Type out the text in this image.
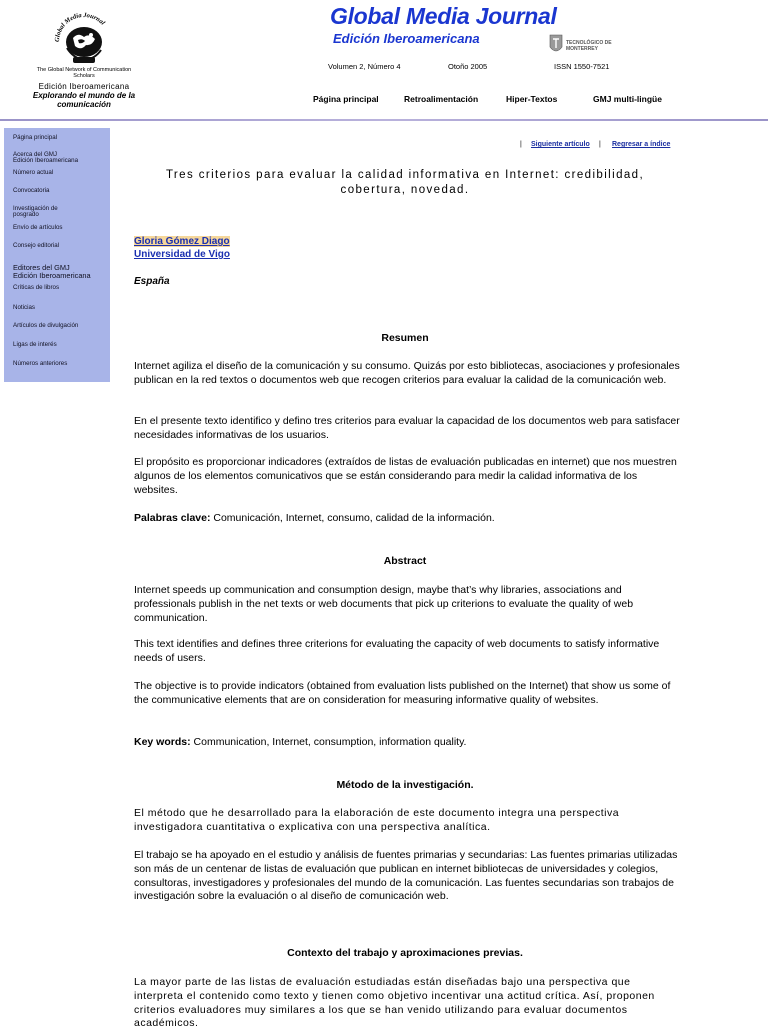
Global Media Journal
The Global Network of Communication Scholars
Edición Iberoamericana
Explorando el mundo de la comunicación
Global Media Journal
Edición Iberoamericana	TECNOLÓGICO DE MONTERREY
Volumen 2, Número 4	Otoño 2005	ISSN 1550-7521
Página principal	Retroalimentación	Hiper-Textos	GMJ multi-lingüe
Página principal
Acerca del GMJ
Edición Iberoamericana
Número actual
Convocatoria
Investigación de
posgrado
Envío de artículos
Consejo editorial
Editores del GMJ
Edición Iberoamericana
Críticas de libros
Noticias
Artículos de divulgación
Ligas de interés
Números anteriores
| Siguiente artículo | Regresar a índice
Tres criterios para evaluar la calidad informativa en Internet: credibilidad, cobertura, novedad.
Gloria Gómez Diago
Universidad de Vigo
España
Resumen
Internet agiliza el diseño de la comunicación y su consumo. Quizás por esto bibliotecas, asociaciones y profesionales publican en la red textos o documentos web que recogen criterios para evaluar la calidad de la comunicación web.
En el presente texto identifico y defino tres criterios para evaluar la capacidad de los documentos web para satisfacer necesidades informativas de los usuarios.
El propósito es proporcionar indicadores (extraídos de listas de evaluación publicadas en internet) que nos muestren algunos de los elementos comunicativos que se están considerando para medir la calidad informativa de los websites.
Palabras clave: Comunicación, Internet, consumo, calidad de la información.
Abstract
Internet speeds up communication and consumption design, maybe that’s why libraries, associations and professionals publish in the net texts or web documents that pick up criterions to evaluate the quality of web communication.
This text identifies and defines three criterions for evaluating the capacity of web documents to satisfy informative needs of users.
The objective is to provide indicators (obtained from evaluation lists published on the Internet) that show us some of the communicative elements that are on consideration for measuring informative quality of websites.
Key words: Communication, Internet, consumption, information quality.
Método de la investigación.
El método que he desarrollado para la elaboración de este documento integra una perspectiva investigadora cuantitativa o explicativa con una perspectiva analítica.
El trabajo se ha apoyado en el estudio y análisis de fuentes primarias y secundarias: Las fuentes primarias utilizadas son más de un centenar de listas de evaluación que publican en internet bibliotecas de universidades y colegios, consultoras, investigadores y profesionales del mundo de la comunicación. Las fuentes secundarias son trabajos de investigación sobre la evaluación o al diseño de comunicación web.
Contexto del trabajo y aproximaciones previas.
La mayor parte de las listas de evaluación estudiadas están diseñadas bajo una perspectiva que interpreta el contenido como texto y tienen como objetivo incentivar una actitud crítica. Así, proponen criterios evaluadores muy similares a los que se han venido utilizando para evaluar documentos académicos.
